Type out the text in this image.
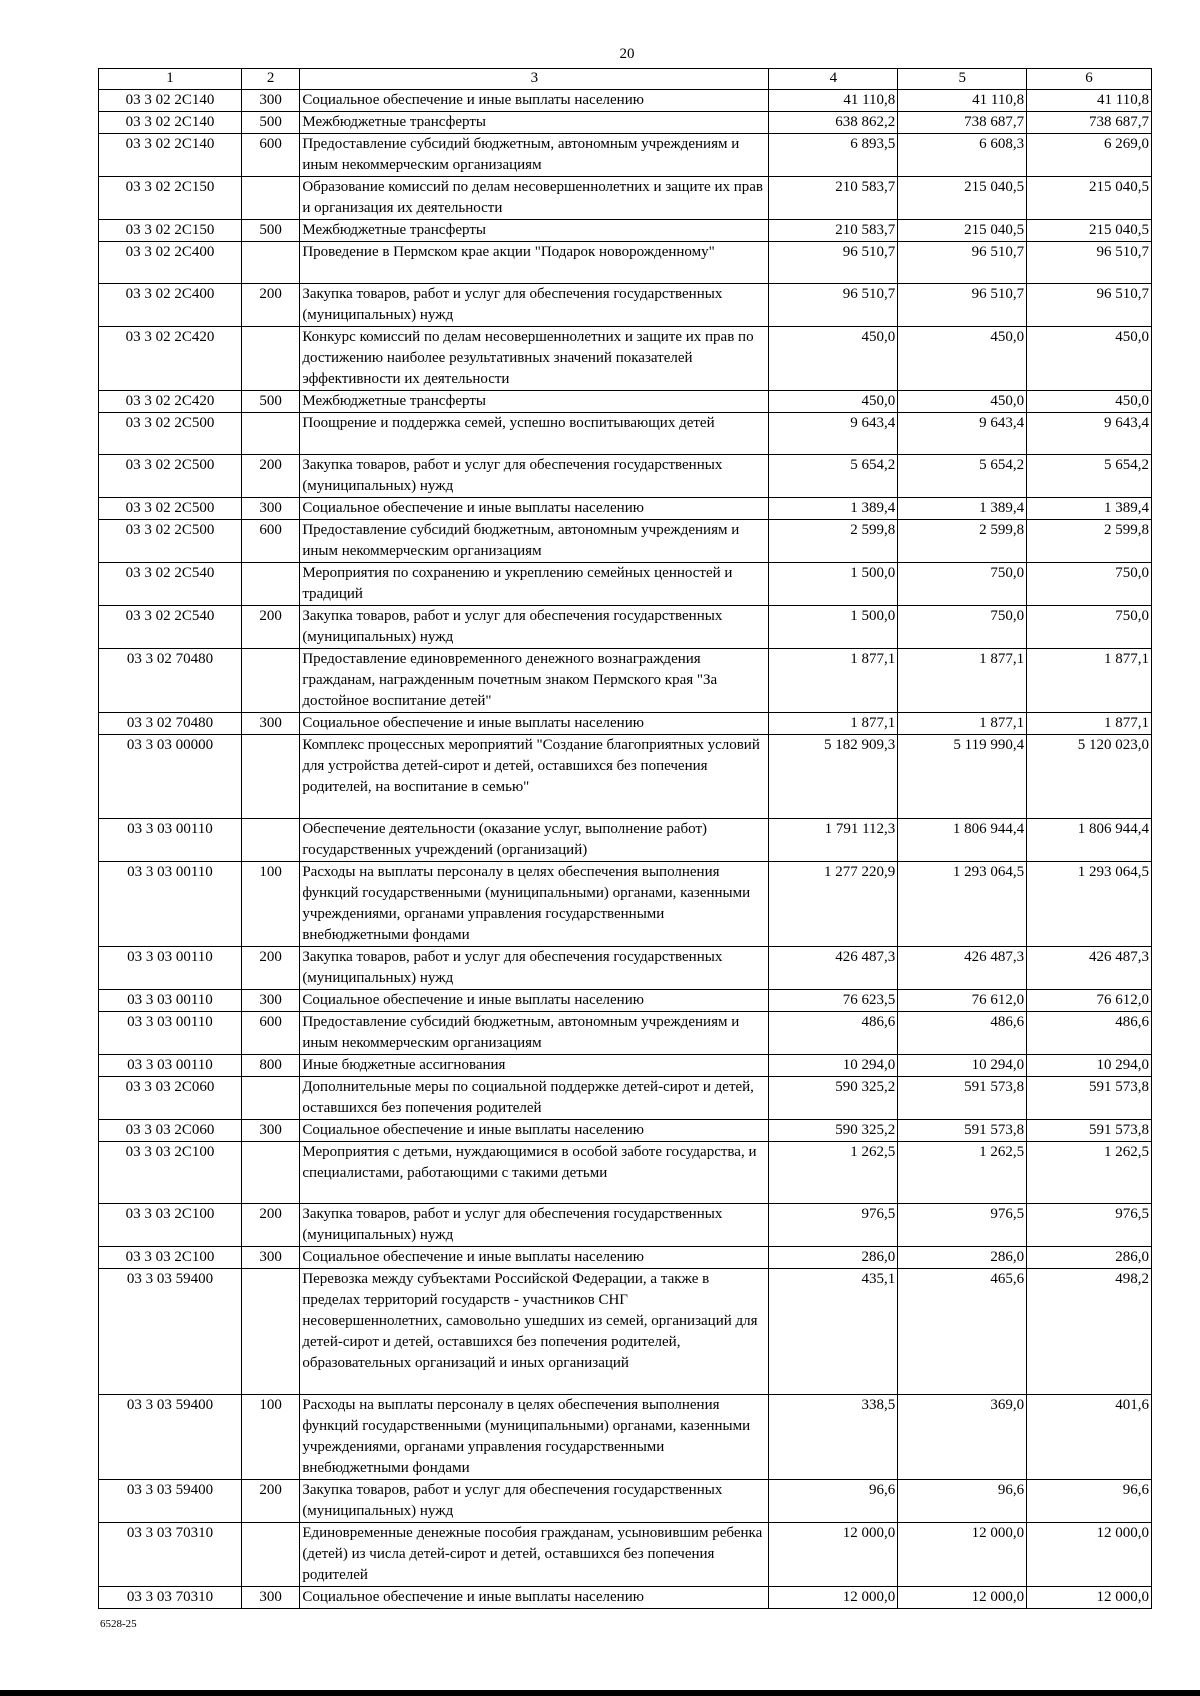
20
1	2	3	4	5	6
03 3 02 2С140	300	Социальное обеспечение и иные выплаты населению	41 110,8	41 110,8	41 110,8
03 3 02 2С140	500	Межбюджетные трансферты	638 862,2	738 687,7	738 687,7
03 3 02 2С140	600	Предоставление субсидий бюджетным, автономным учреждениям и иным некоммерческим организациям	6 893,5	6 608,3	6 269,0
03 3 02 2С150		Образование комиссий по делам несовершеннолетних и защите их прав и организация их деятельности	210 583,7	215 040,5	215 040,5
03 3 02 2С150	500	Межбюджетные трансферты	210 583,7	215 040,5	215 040,5
03 3 02 2С400		Проведение в Пермском крае акции "Подарок новорожденному"	96 510,7	96 510,7	96 510,7
03 3 02 2С400	200	Закупка товаров, работ и услуг для обеспечения государственных (муниципальных) нужд	96 510,7	96 510,7	96 510,7
03 3 02 2С420		Конкурс комиссий по делам несовершеннолетних и защите их прав по достижению наиболее результативных значений показателей эффективности их деятельности	450,0	450,0	450,0
03 3 02 2С420	500	Межбюджетные трансферты	450,0	450,0	450,0
03 3 02 2С500		Поощрение и поддержка семей, успешно воспитывающих детей	9 643,4	9 643,4	9 643,4
03 3 02 2С500	200	Закупка товаров, работ и услуг для обеспечения государственных (муниципальных) нужд	5 654,2	5 654,2	5 654,2
03 3 02 2С500	300	Социальное обеспечение и иные выплаты населению	1 389,4	1 389,4	1 389,4
03 3 02 2С500	600	Предоставление субсидий бюджетным, автономным учреждениям и иным некоммерческим организациям	2 599,8	2 599,8	2 599,8
03 3 02 2С540		Мероприятия по сохранению и укреплению семейных ценностей и традиций	1 500,0	750,0	750,0
03 3 02 2С540	200	Закупка товаров, работ и услуг для обеспечения государственных (муниципальных) нужд	1 500,0	750,0	750,0
03 3 02 70480		Предоставление единовременного денежного вознаграждения гражданам, награжденным почетным знаком Пермского края "За достойное воспитание детей"	1 877,1	1 877,1	1 877,1
03 3 02 70480	300	Социальное обеспечение и иные выплаты населению	1 877,1	1 877,1	1 877,1
03 3 03 00000		Комплекс процессных мероприятий "Создание благоприятных условий для устройства детей-сирот и детей, оставшихся без попечения родителей, на воспитание в семью"	5 182 909,3	5 119 990,4	5 120 023,0
03 3 03 00110		Обеспечение деятельности (оказание услуг, выполнение работ) государственных учреждений (организаций)	1 791 112,3	1 806 944,4	1 806 944,4
03 3 03 00110	100	Расходы на выплаты персоналу в целях обеспечения выполнения функций государственными (муниципальными) органами, казенными учреждениями, органами управления государственными внебюджетными фондами	1 277 220,9	1 293 064,5	1 293 064,5
03 3 03 00110	200	Закупка товаров, работ и услуг для обеспечения государственных (муниципальных) нужд	426 487,3	426 487,3	426 487,3
03 3 03 00110	300	Социальное обеспечение и иные выплаты населению	76 623,5	76 612,0	76 612,0
03 3 03 00110	600	Предоставление субсидий бюджетным, автономным учреждениям и иным некоммерческим организациям	486,6	486,6	486,6
03 3 03 00110	800	Иные бюджетные ассигнования	10 294,0	10 294,0	10 294,0
03 3 03 2С060		Дополнительные меры по социальной поддержке детей-сирот и детей, оставшихся без попечения родителей	590 325,2	591 573,8	591 573,8
03 3 03 2С060	300	Социальное обеспечение и иные выплаты населению	590 325,2	591 573,8	591 573,8
03 3 03 2С100		Мероприятия с детьми, нуждающимися в особой заботе государства, и специалистами, работающими с такими детьми	1 262,5	1 262,5	1 262,5
03 3 03 2С100	200	Закупка товаров, работ и услуг для обеспечения государственных (муниципальных) нужд	976,5	976,5	976,5
03 3 03 2С100	300	Социальное обеспечение и иные выплаты населению	286,0	286,0	286,0
03 3 03 59400		Перевозка между субъектами Российской Федерации, а также в пределах территорий государств - участников СНГ несовершеннолетних, самовольно ушедших из семей, организаций для детей-сирот и детей, оставшихся без попечения родителей, образовательных организаций и иных организаций	435,1	465,6	498,2
03 3 03 59400	100	Расходы на выплаты персоналу в целях обеспечения выполнения функций государственными (муниципальными) органами, казенными учреждениями, органами управления государственными внебюджетными фондами	338,5	369,0	401,6
03 3 03 59400	200	Закупка товаров, работ и услуг для обеспечения государственных (муниципальных) нужд	96,6	96,6	96,6
03 3 03 70310		Единовременные денежные пособия гражданам, усыновившим ребенка (детей) из числа детей-сирот и детей, оставшихся без попечения родителей	12 000,0	12 000,0	12 000,0
03 3 03 70310	300	Социальное обеспечение и иные выплаты населению	12 000,0	12 000,0	12 000,0
6528-25
